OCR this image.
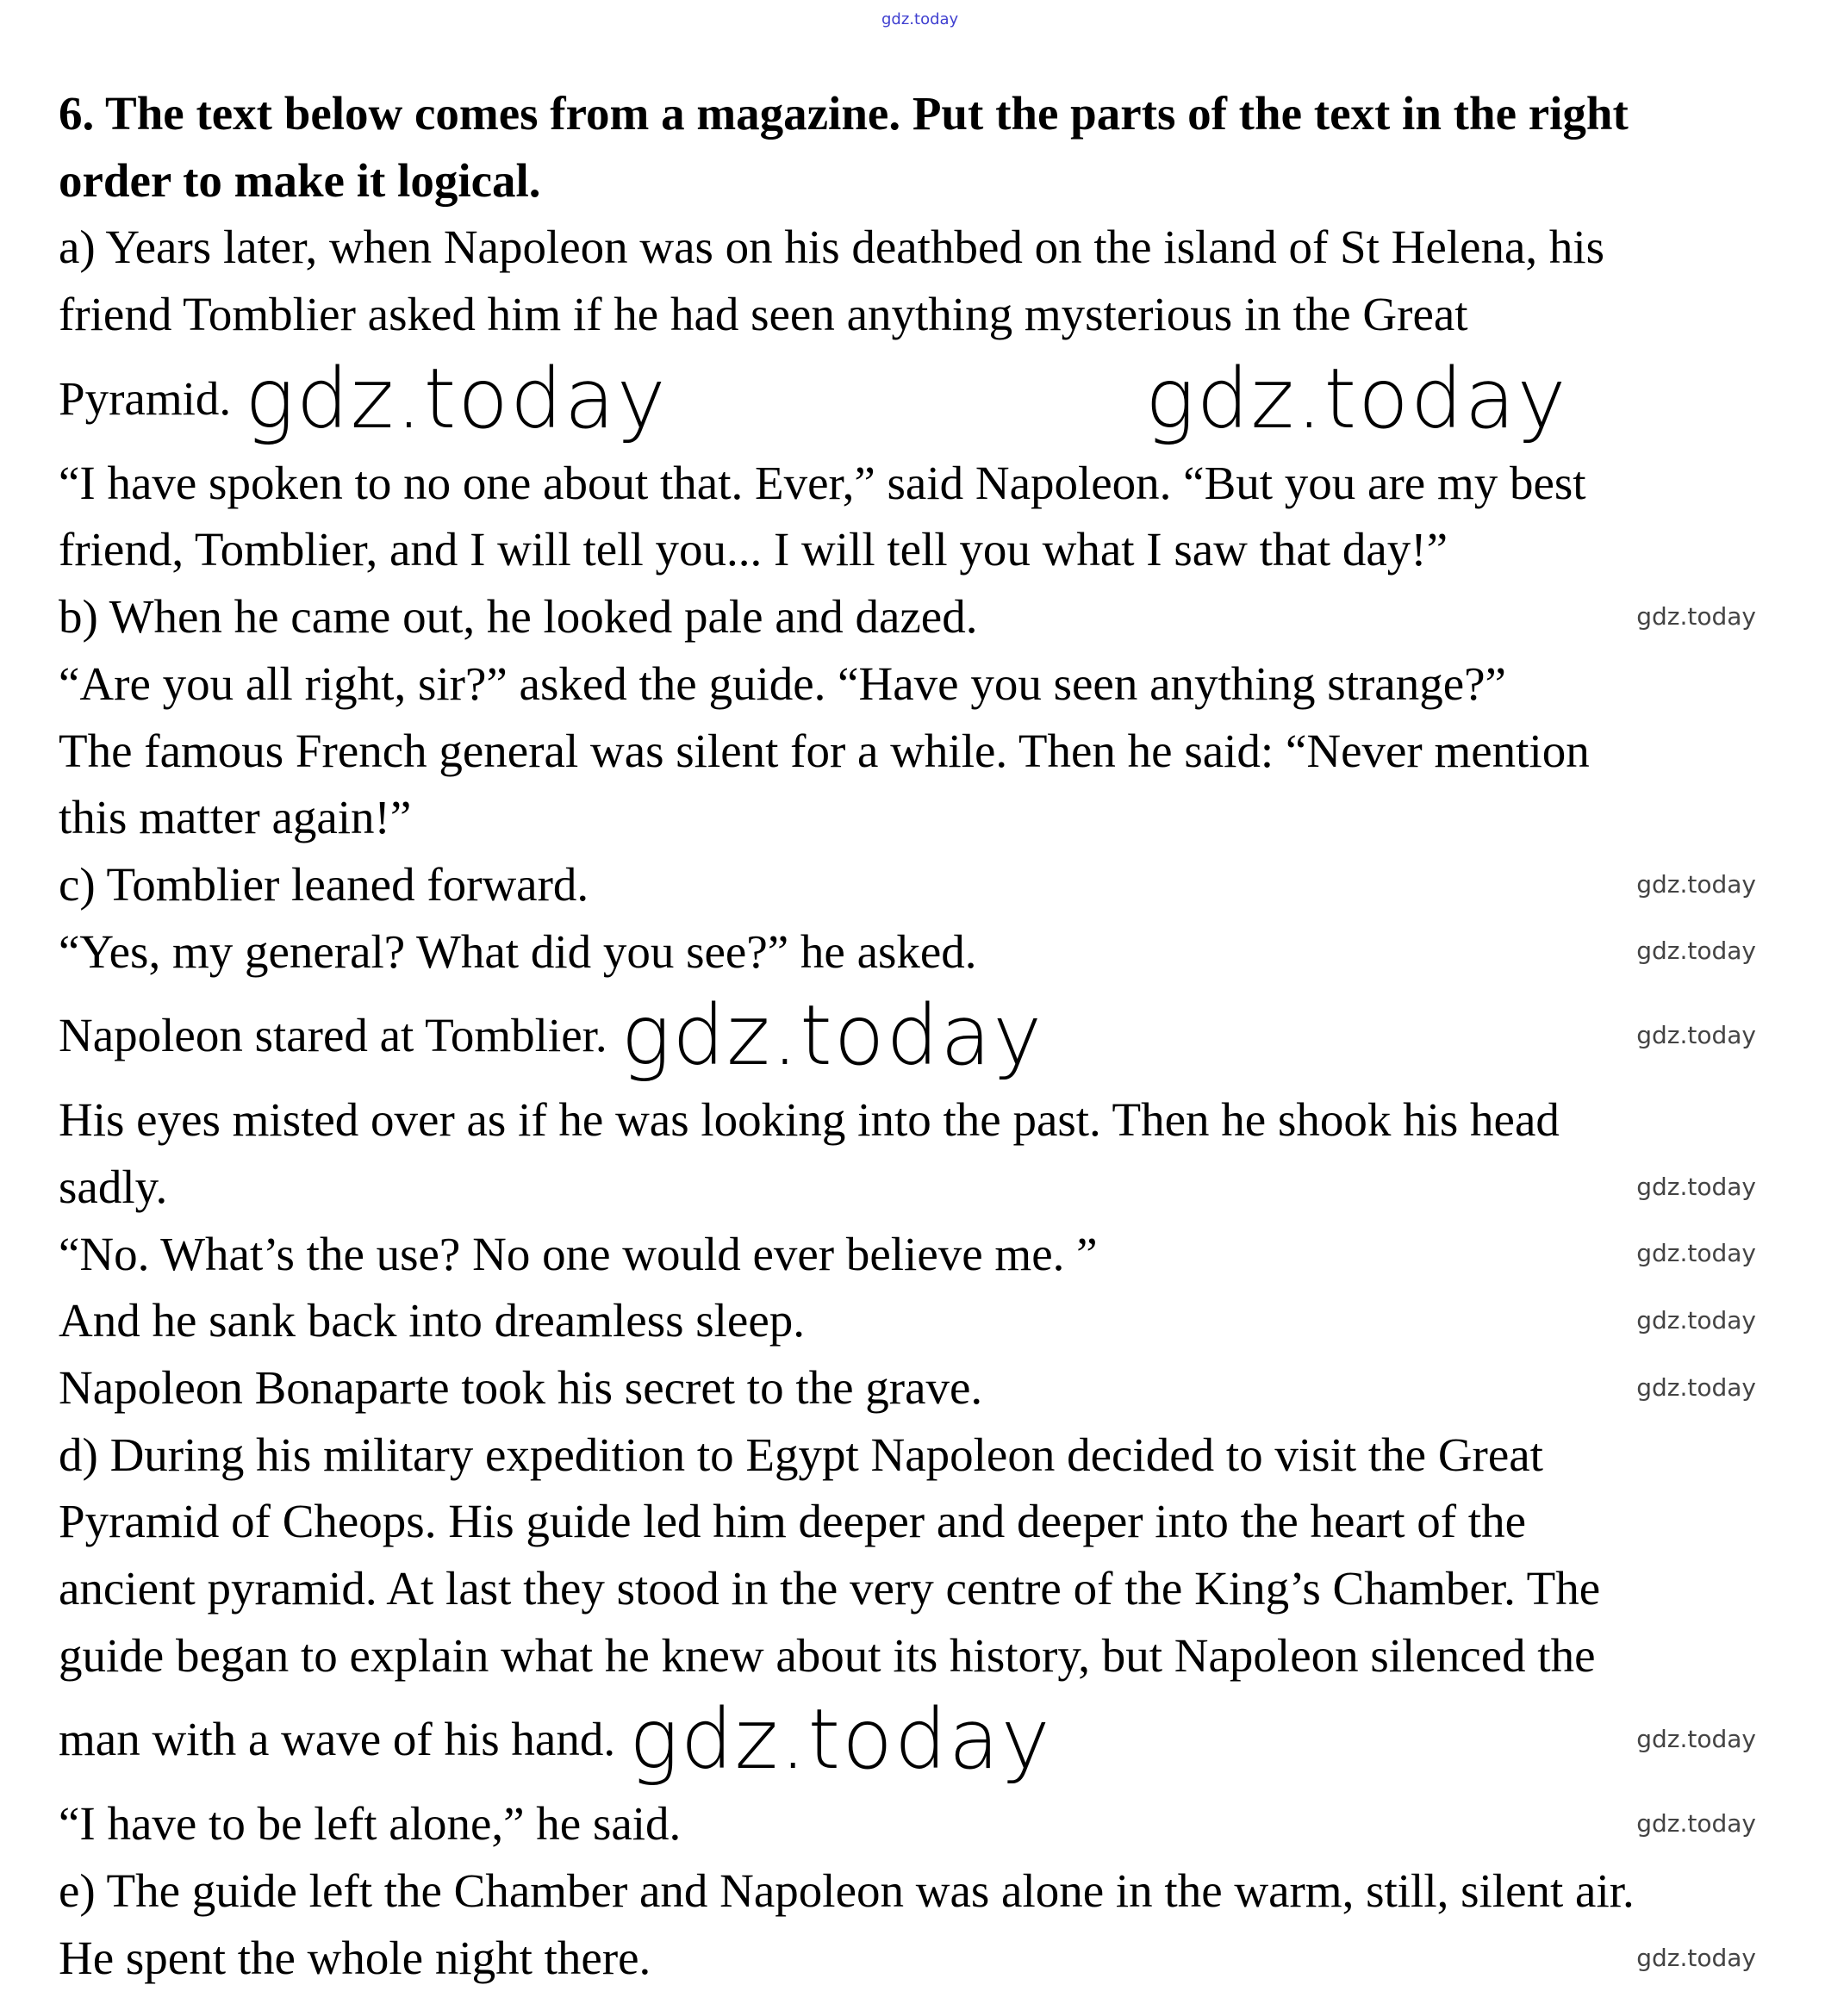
gdz.today
6. The text below comes from a magazine. Put the parts of the text in the right
order to make it logical.
a) Years later, when Napoleon was on his deathbed on the island of St Helena, his
friend Tomblier asked him if he had seen anything mysterious in the Great
Pyramid. gdz.today	gdz.today
“I have spoken to no one about that. Ever,” said Napoleon. “But you are my best
friend, Tomblier, and I will tell you... I will tell you what I saw that day!”
b) When he came out, he looked pale and dazed.	gdz.today
“Are you all right, sir?” asked the guide. “Have you seen anything strange?”
The famous French general was silent for a while. Then he said: “Never mention
this matter again!”
c) Tomblier leaned forward.	gdz.today
“Yes, my general? What did you see?” he asked.	gdz.today
Napoleon stared at Tomblier. gdz.today	gdz.today
His eyes misted over as if he was looking into the past. Then he shook his head
sadly.	gdz.today
“No. What’s the use? No one would ever believe me. ”	gdz.today
And he sank back into dreamless sleep.	gdz.today
Napoleon Bonaparte took his secret to the grave.	gdz.today
d) During his military expedition to Egypt Napoleon decided to visit the Great
Pyramid of Cheops. His guide led him deeper and deeper into the heart of the
ancient pyramid. At last they stood in the very centre of the King’s Chamber. The
guide began to explain what he knew about its history, but Napoleon silenced the
man with a wave of his hand. gdz.today	gdz.today
“I have to be left alone,” he said.	gdz.today
e) The guide left the Chamber and Napoleon was alone in the warm, still, silent air.
He spent the whole night there.	gdz.today
